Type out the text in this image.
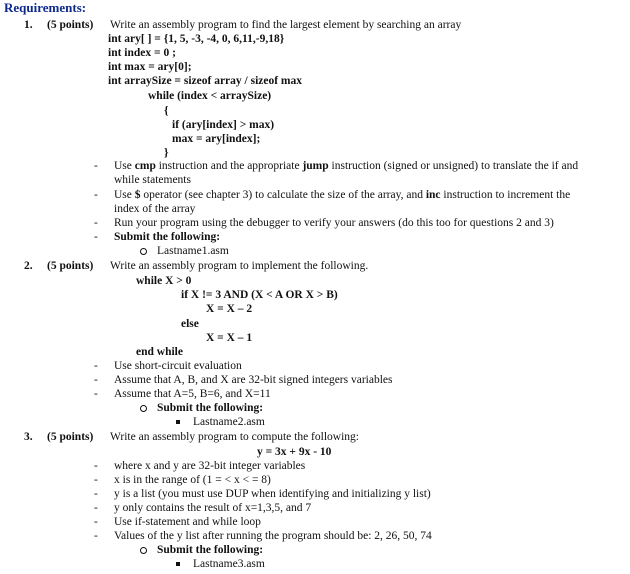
Requirements:
1. (5 points) Write an assembly program to find the largest element by searching an array
int ary[ ] = {1, 5, -3, -4, 0, 6,11,-9,18}
int index = 0 ;
int max = ary[0];
int arraySize = sizeof array / sizeof max
while (index < arraySize)
{
if (ary[index] > max)
max = ary[index];
}
- Use cmp instruction and the appropriate jump instruction (signed or unsigned) to translate the if and
while statements
- Use $ operator (see chapter 3) to calculate the size of the array, and inc instruction to increment the
index of the array
- Run your program using the debugger to verify your answers (do this too for questions 2 and 3)
- Submit the following:
Lastname1.asm
2. (5 points) Write an assembly program to implement the following.
while X > 0
if X != 3 AND (X < A OR X > B)
X = X – 2
else
X = X – 1
end while
- Use short-circuit evaluation
- Assume that A, B, and X are 32-bit signed integers variables
- Assume that A=5, B=6, and X=11
Submit the following:
Lastname2.asm
3. (5 points) Write an assembly program to compute the following:
y = 3x + 9x - 10
- where x and y are 32-bit integer variables
- x is in the range of (1 = < x < = 8)
- y is a list (you must use DUP when identifying and initializing y list)
- y only contains the result of x=1,3,5, and 7
- Use if-statement and while loop
- Values of the y list after running the program should be: 2, 26, 50, 74
Submit the following:
Lastname3.asm
